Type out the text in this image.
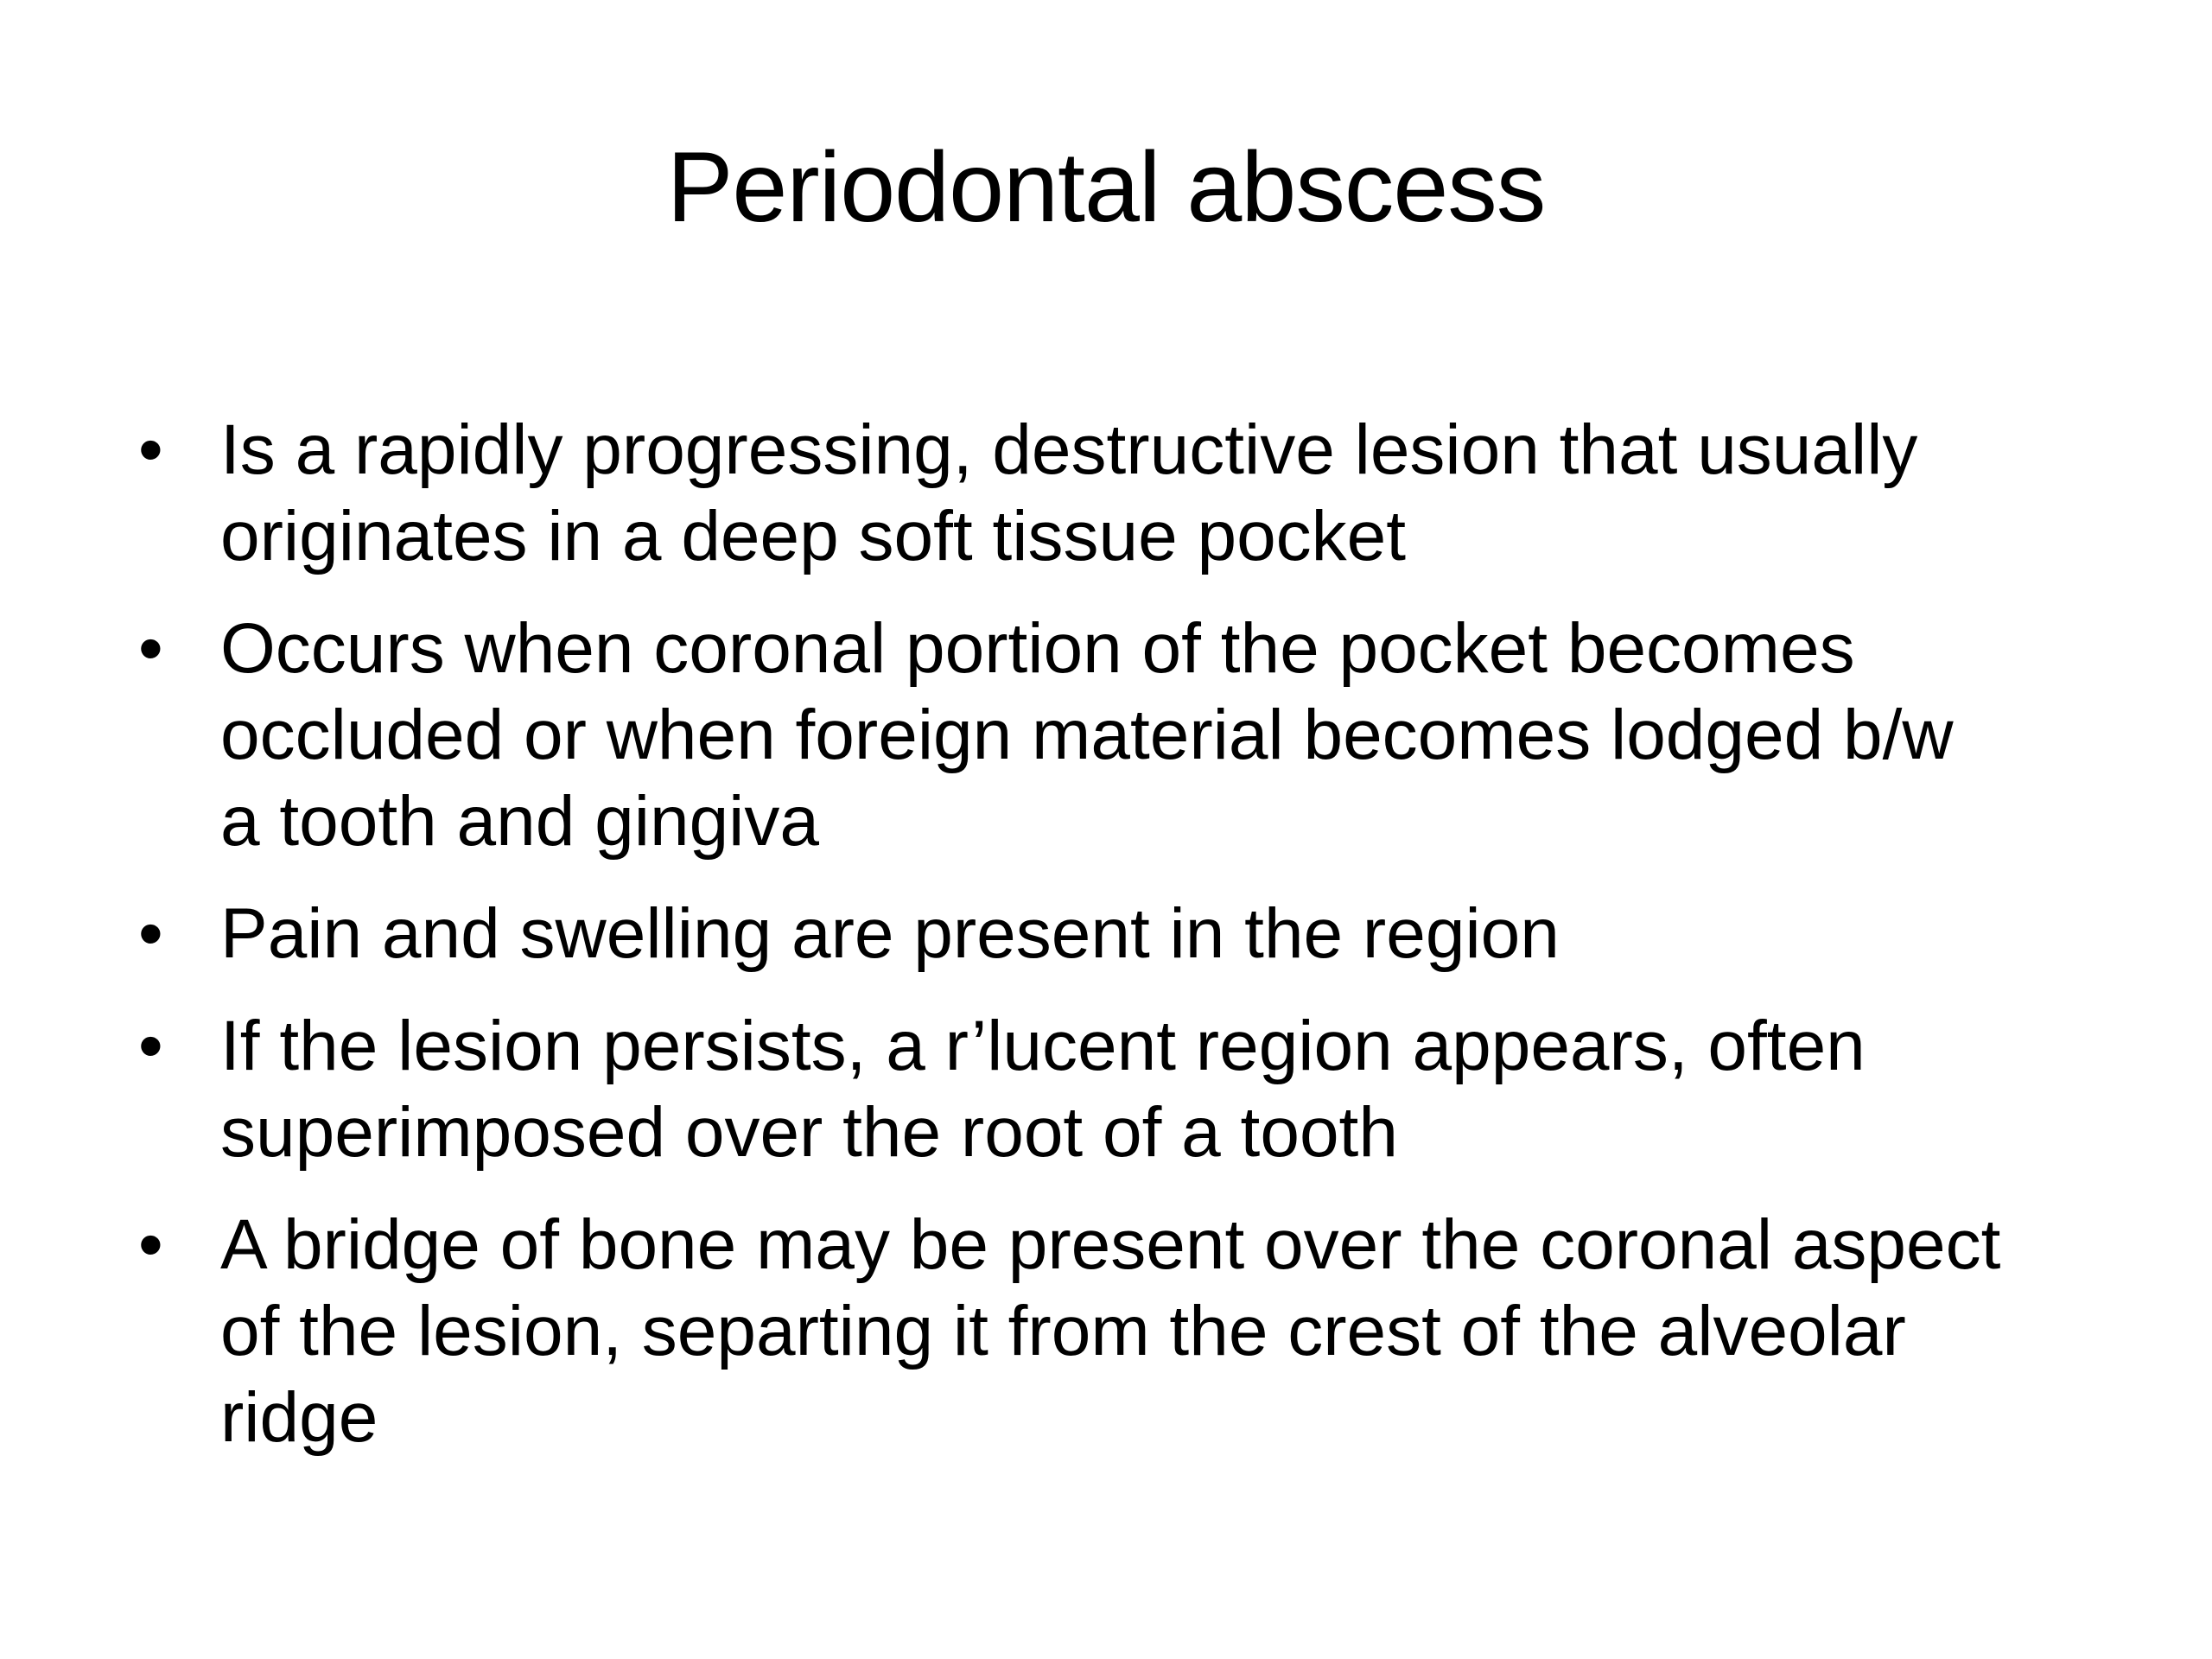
Periodontal abscess
• Is a rapidly progressing, destructive lesion that usually
originates in a deep soft tissue pocket
• Occurs when coronal portion of the pocket becomes
occluded or when foreign material becomes lodged b/w
a tooth and gingiva
• Pain and swelling are present in the region
• If the lesion persists, a r’lucent region appears, often
superimposed over the root of a tooth
• A bridge of bone may be present over the coronal aspect
of the lesion, separting it from the crest of the alveolar
ridge
